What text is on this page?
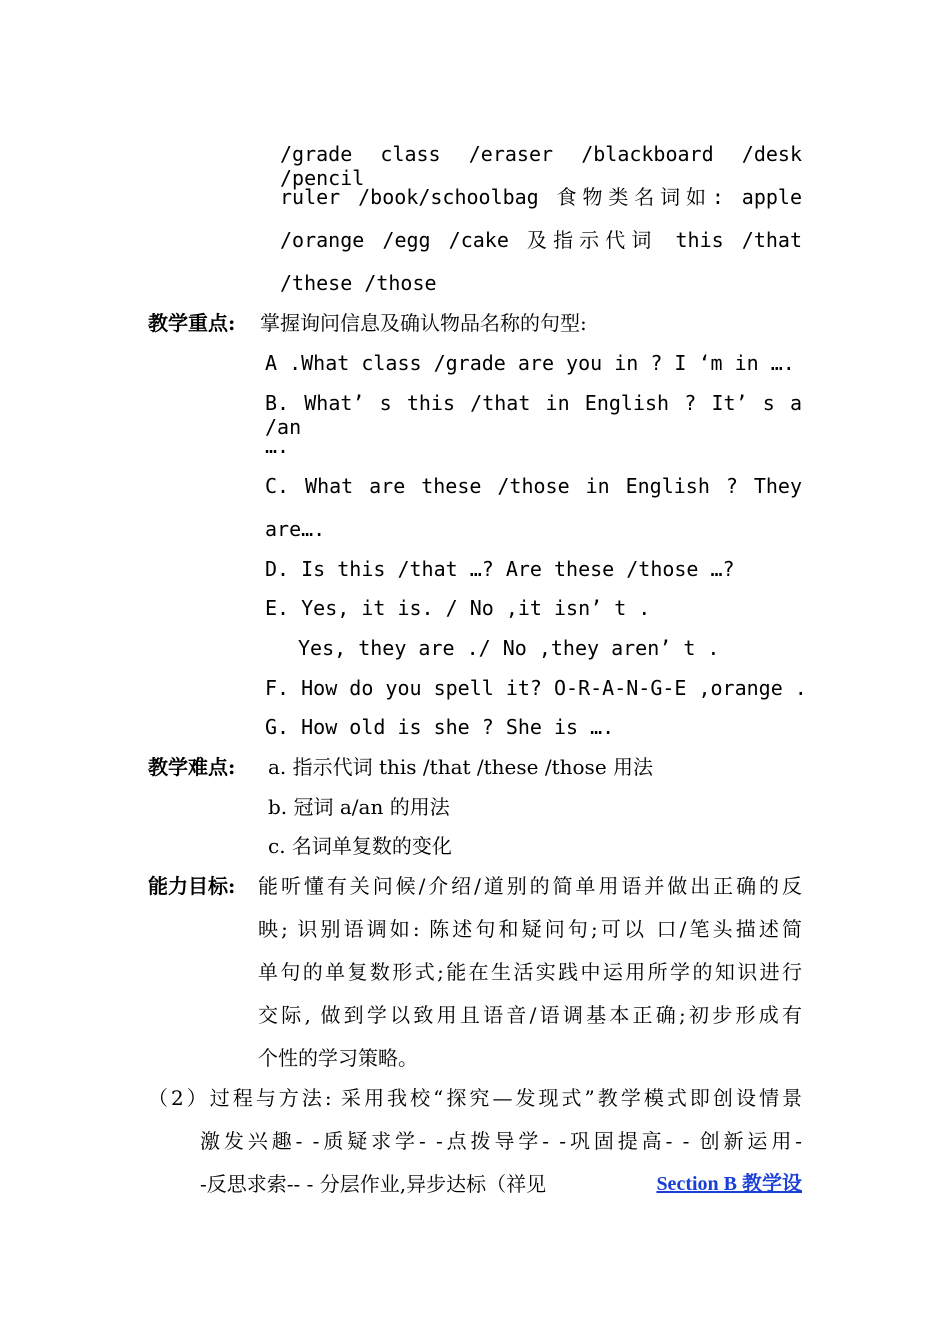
/grade class /eraser /blackboard /desk /pencil
ruler /book/schoolbag 食物类名词如: apple
/orange /egg /cake 及指示代词 this /that
/these /those
教学重点: 掌握询问信息及确认物品名称的句型:
A .What class /grade are you in ? I ‘m in ….
B. What’ s this /that in English ? It’ s a /an
….
C. What are these /those in English ? They
are….
D. Is this /that …? Are these /those …?
E. Yes, it is. / No ,it isn’ t .
Yes, they are ./ No ,they aren’ t .
F. How do you spell it? O-R-A-N-G-E ,orange .
G. How old is she ? She is ….
教学难点: a. 指示代词 this /that /these /those 用法
b. 冠词 a/an 的用法
c. 名词单复数的变化
能力目标: 能听懂有关问候/介绍/道别的简单用语并做出正确的反
映; 识别语调如: 陈述句和疑问句;可以 口/笔头描述简
单句的单复数形式;能在生活实践中运用所学的知识进行
交际, 做到学以致用且语音/语调基本正确;初步形成有
个性的学习策略。
（2）过程与方法: 采用我校“探究—发现式”教学模式即创设情景
激发兴趣- -质疑求学- -点拨导学- -巩固提高- - 创新运用-
-反思求索-- - 分层作业,异步达标（祥见	Section B 教学设
